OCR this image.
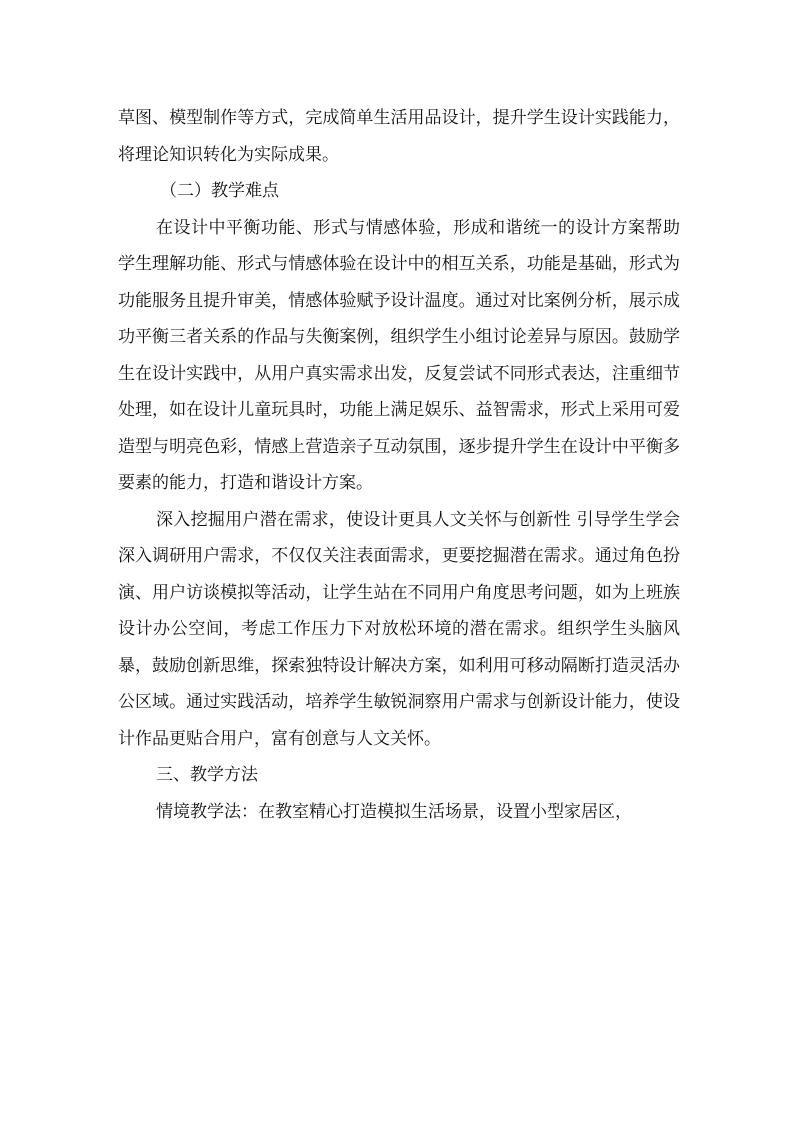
草图、模型制作等方式，完成简单生活用品设计，提升学生设计实践能力，将理论知识转化为实际成果。

（二）教学难点

在设计中平衡功能、形式与情感体验，形成和谐统一的设计方案帮助学生理解功能、形式与情感体验在设计中的相互关系，功能是基础，形式为功能服务且提升审美，情感体验赋予设计温度。通过对比案例分析，展示成功平衡三者关系的作品与失衡案例，组织学生小组讨论差异与原因。鼓励学生在设计实践中，从用户真实需求出发，反复尝试不同形式表达，注重细节处理，如在设计儿童玩具时，功能上满足娱乐、益智需求，形式上采用可爱造型与明亮色彩，情感上营造亲子互动氛围，逐步提升学生在设计中平衡多要素的能力，打造和谐设计方案。

深入挖掘用户潜在需求，使设计更具人文关怀与创新性 引导学生学会深入调研用户需求，不仅仅关注表面需求，更要挖掘潜在需求。通过角色扮演、用户访谈模拟等活动，让学生站在不同用户角度思考问题，如为上班族设计办公空间，考虑工作压力下对放松环境的潜在需求。组织学生头脑风暴，鼓励创新思维，探索独特设计解决方案，如利用可移动隔断打造灵活办公区域。通过实践活动，培养学生敏锐洞察用户需求与创新设计能力，使设计作品更贴合用户，富有创意与人文关怀。

三、教学方法

情境教学法：在教室精心打造模拟生活场景，设置小型家居区，
